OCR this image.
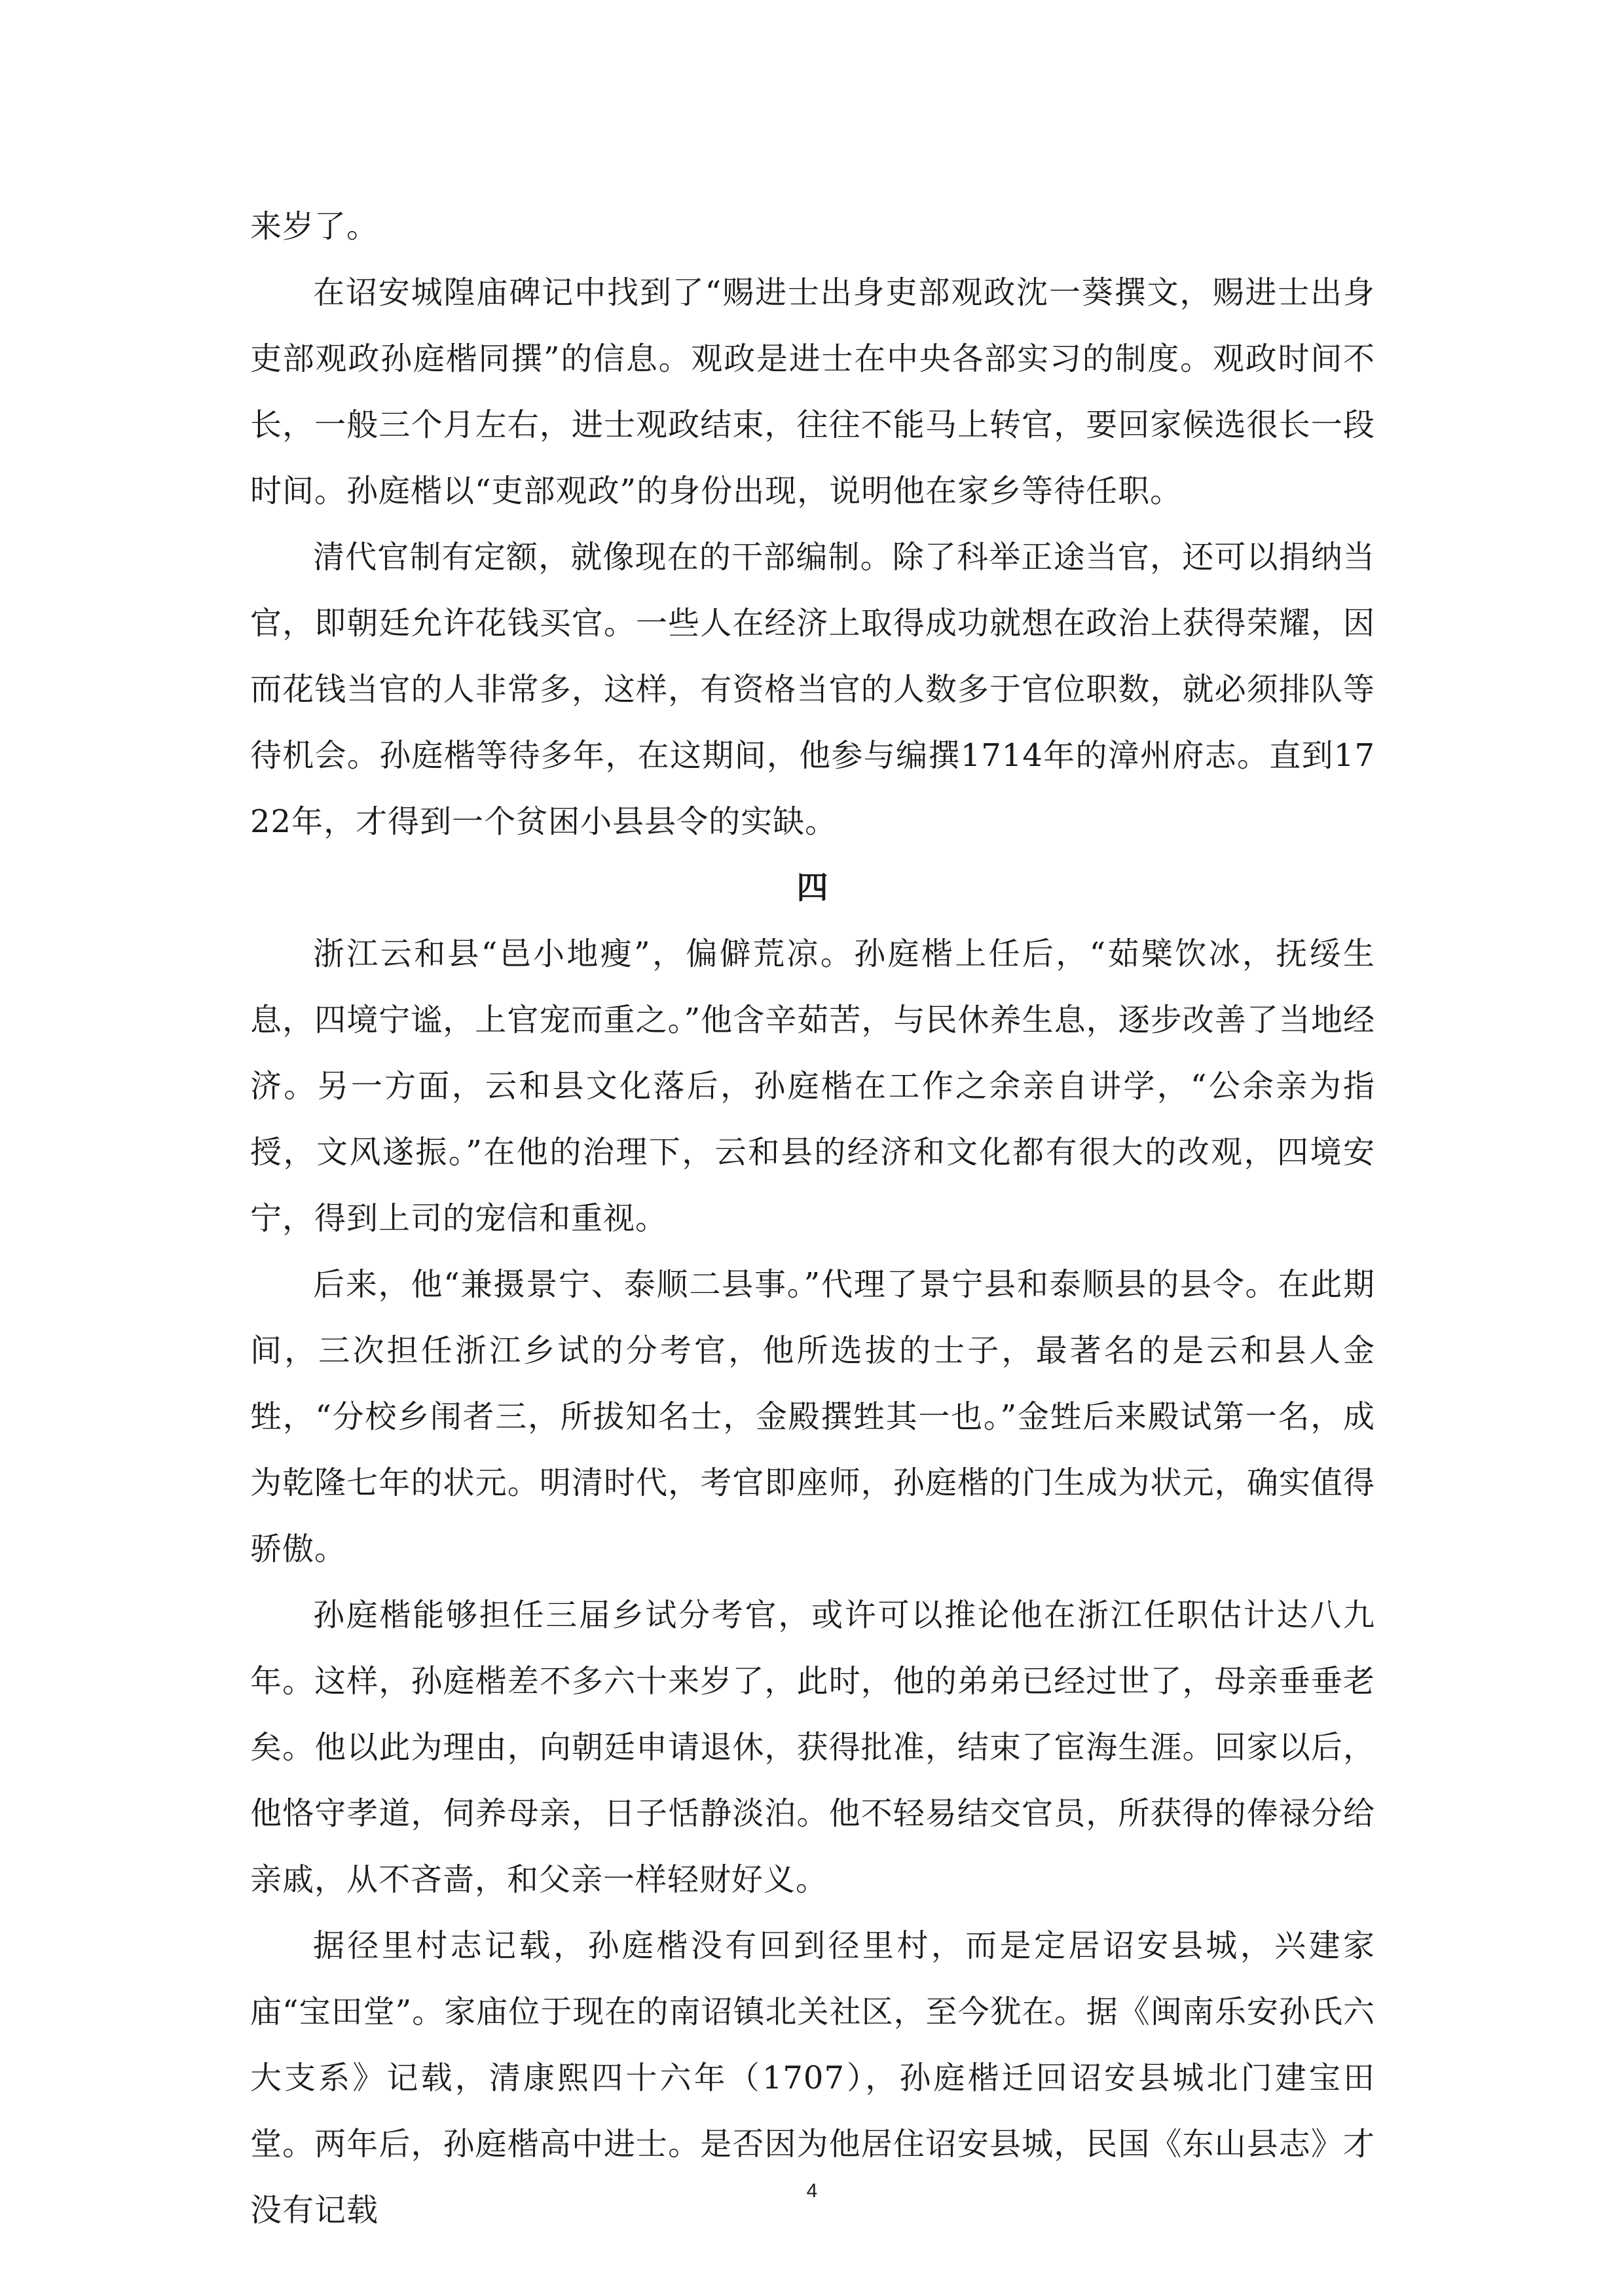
来岁了。

在诏安城隍庙碑记中找到了“赐进士出身吏部观政沈一葵撰文，赐进士出身吏部观政孙庭楷同撰”的信息。观政是进士在中央各部实习的制度。观政时间不长，一般三个月左右，进士观政结束，往往不能马上转官，要回家候选很长一段时间。孙庭楷以“吏部观政”的身份出现，说明他在家乡等待任职。

清代官制有定额，就像现在的干部编制。除了科举正途当官，还可以捐纳当官，即朝廷允许花钱买官。一些人在经济上取得成功就想在政治上获得荣耀，因而花钱当官的人非常多，这样，有资格当官的人数多于官位职数，就必须排队等待机会。孙庭楷等待多年，在这期间，他参与编撰1714年的漳州府志。直到1722年，才得到一个贫困小县县令的实缺。

四

浙江云和县“邑小地瘦”，偏僻荒凉。孙庭楷上任后，“茹檗饮冰，抚绥生息，四境宁谧，上官宠而重之。”他含辛茹苦，与民休养生息，逐步改善了当地经济。另一方面，云和县文化落后，孙庭楷在工作之余亲自讲学，“公余亲为指授，文风遂振。”在他的治理下，云和县的经济和文化都有很大的改观，四境安宁，得到上司的宠信和重视。

后来，他“兼摄景宁、泰顺二县事。”代理了景宁县和泰顺县的县令。在此期间，三次担任浙江乡试的分考官，他所选拔的士子，最著名的是云和县人金甡，“分校乡闱者三，所拔知名士，金殿撰甡其一也。”金甡后来殿试第一名，成为乾隆七年的状元。明清时代，考官即座师，孙庭楷的门生成为状元，确实值得骄傲。

孙庭楷能够担任三届乡试分考官，或许可以推论他在浙江任职估计达八九年。这样，孙庭楷差不多六十来岁了，此时，他的弟弟已经过世了，母亲垂垂老矣。他以此为理由，向朝廷申请退休，获得批准，结束了宦海生涯。回家以后，他恪守孝道，伺养母亲，日子恬静淡泊。他不轻易结交官员，所获得的俸禄分给亲戚，从不吝啬，和父亲一样轻财好义。

据径里村志记载，孙庭楷没有回到径里村，而是定居诏安县城，兴建家庙“宝田堂”。家庙位于现在的南诏镇北关社区，至今犹在。据《闽南乐安孙氏六大支系》记载，清康熙四十六年（1707），孙庭楷迁回诏安县城北门建宝田堂。两年后，孙庭楷高中进士。是否因为他居住诏安县城，民国《东山县志》才没有记载

4
